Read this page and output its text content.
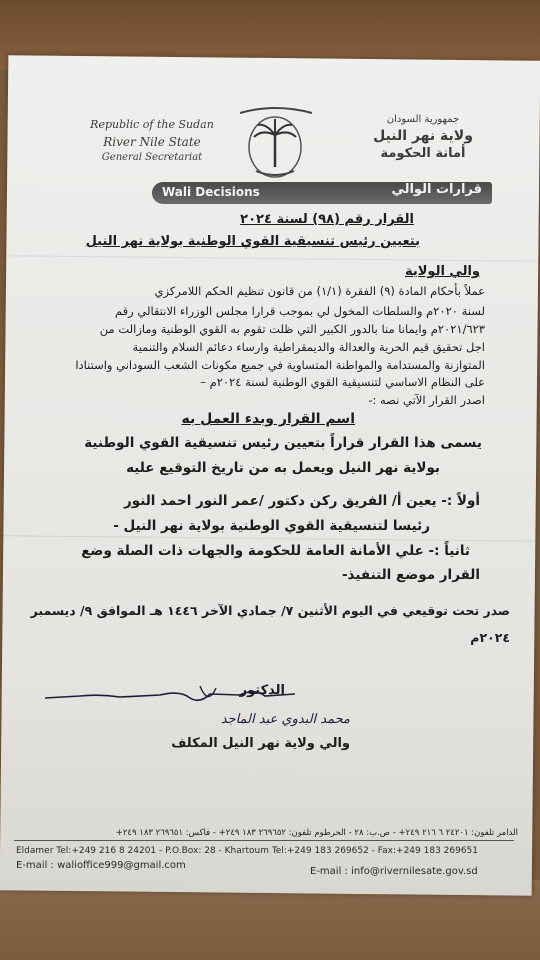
Republic of the Sudan
River Nile State
General Secretariat
جمهورية السودان
ولاية نهر النيل
أمانة الحكومة
Wali Decisions	قرارات الوالي
القرار رقم (٩٨) لسنة ٢٠٢٤
بتعيين رئيس تنسيقية القوي الوطنية بولاية نهر النيل
والي الولاية
عملاً بأحكام المادة (٩) الفقرة (١/١) من قانون تنظيم الحكم اللامركزي
لسنة ٢٠٢٠م والسلطات المخول لي بموجب قرارا مجلس الوزراء الانتقالي رقم
٢٠٢١/٦٢٣م وايمانا منا بالدور الكبير التي ظلت تقوم به القوي الوطنية ومازالت من
اجل تحقيق قيم الحرية والعدالة والديمقراطية وارساء دعائم السلام والتنمية
المتوازنة والمستدامة والمواطنة المتساوية في جميع مكونات الشعب السوداني واستنادا
على النظام الاساسي لتنسيقية القوي الوطنية لسنة ٢٠٢٤م –
اصدر القرار الآتي نصه :-
اسم القرار وبدء العمل به
يسمى هذا القرار قراراً بتعيين رئيس تنسيقية القوي الوطنية
بولاية نهر النيل ويعمل به من تاريخ التوقيع عليه
أولاً :- يعين أ/ الفريق ركن دكتور /عمر النور احمد النور
رئيسا لتنسيقية القوي الوطنية بولاية نهر النيل -
ثانياً :- علي الأمانة العامة للحكومة والجهات ذات الصلة وضع
القرار موضع التنفيذ-
صدر تحت توقيعي في اليوم الأثنين ٧/ جمادي الآخر ١٤٤٦ هـ الموافق ٩/ ديسمبر
٢٠٢٤م
الدكتور
محمد البدوي عبد الماجد
والي ولاية نهر النيل المكلف
الدامر تلفون: ٢٤٢٠١ ٦ ٢١٦ ٢٤٩+ - ص.ب: ٢٨ - الخرطوم تلفون: ٢٦٩٦٥٢ ١٨٣ ٢٤٩+ - فاكس: ٢٦٩٦٥١ ١٨٣ ٢٤٩+
Eldamer Tel:+249 216 8 24201 - P.O.Box: 28 - Khartoum Tel:+249 183 269652 - Fax:+249 183 269651
E-mail : walioffice999@gmail.com
E-mail : info@rivernilesate.gov.sd
